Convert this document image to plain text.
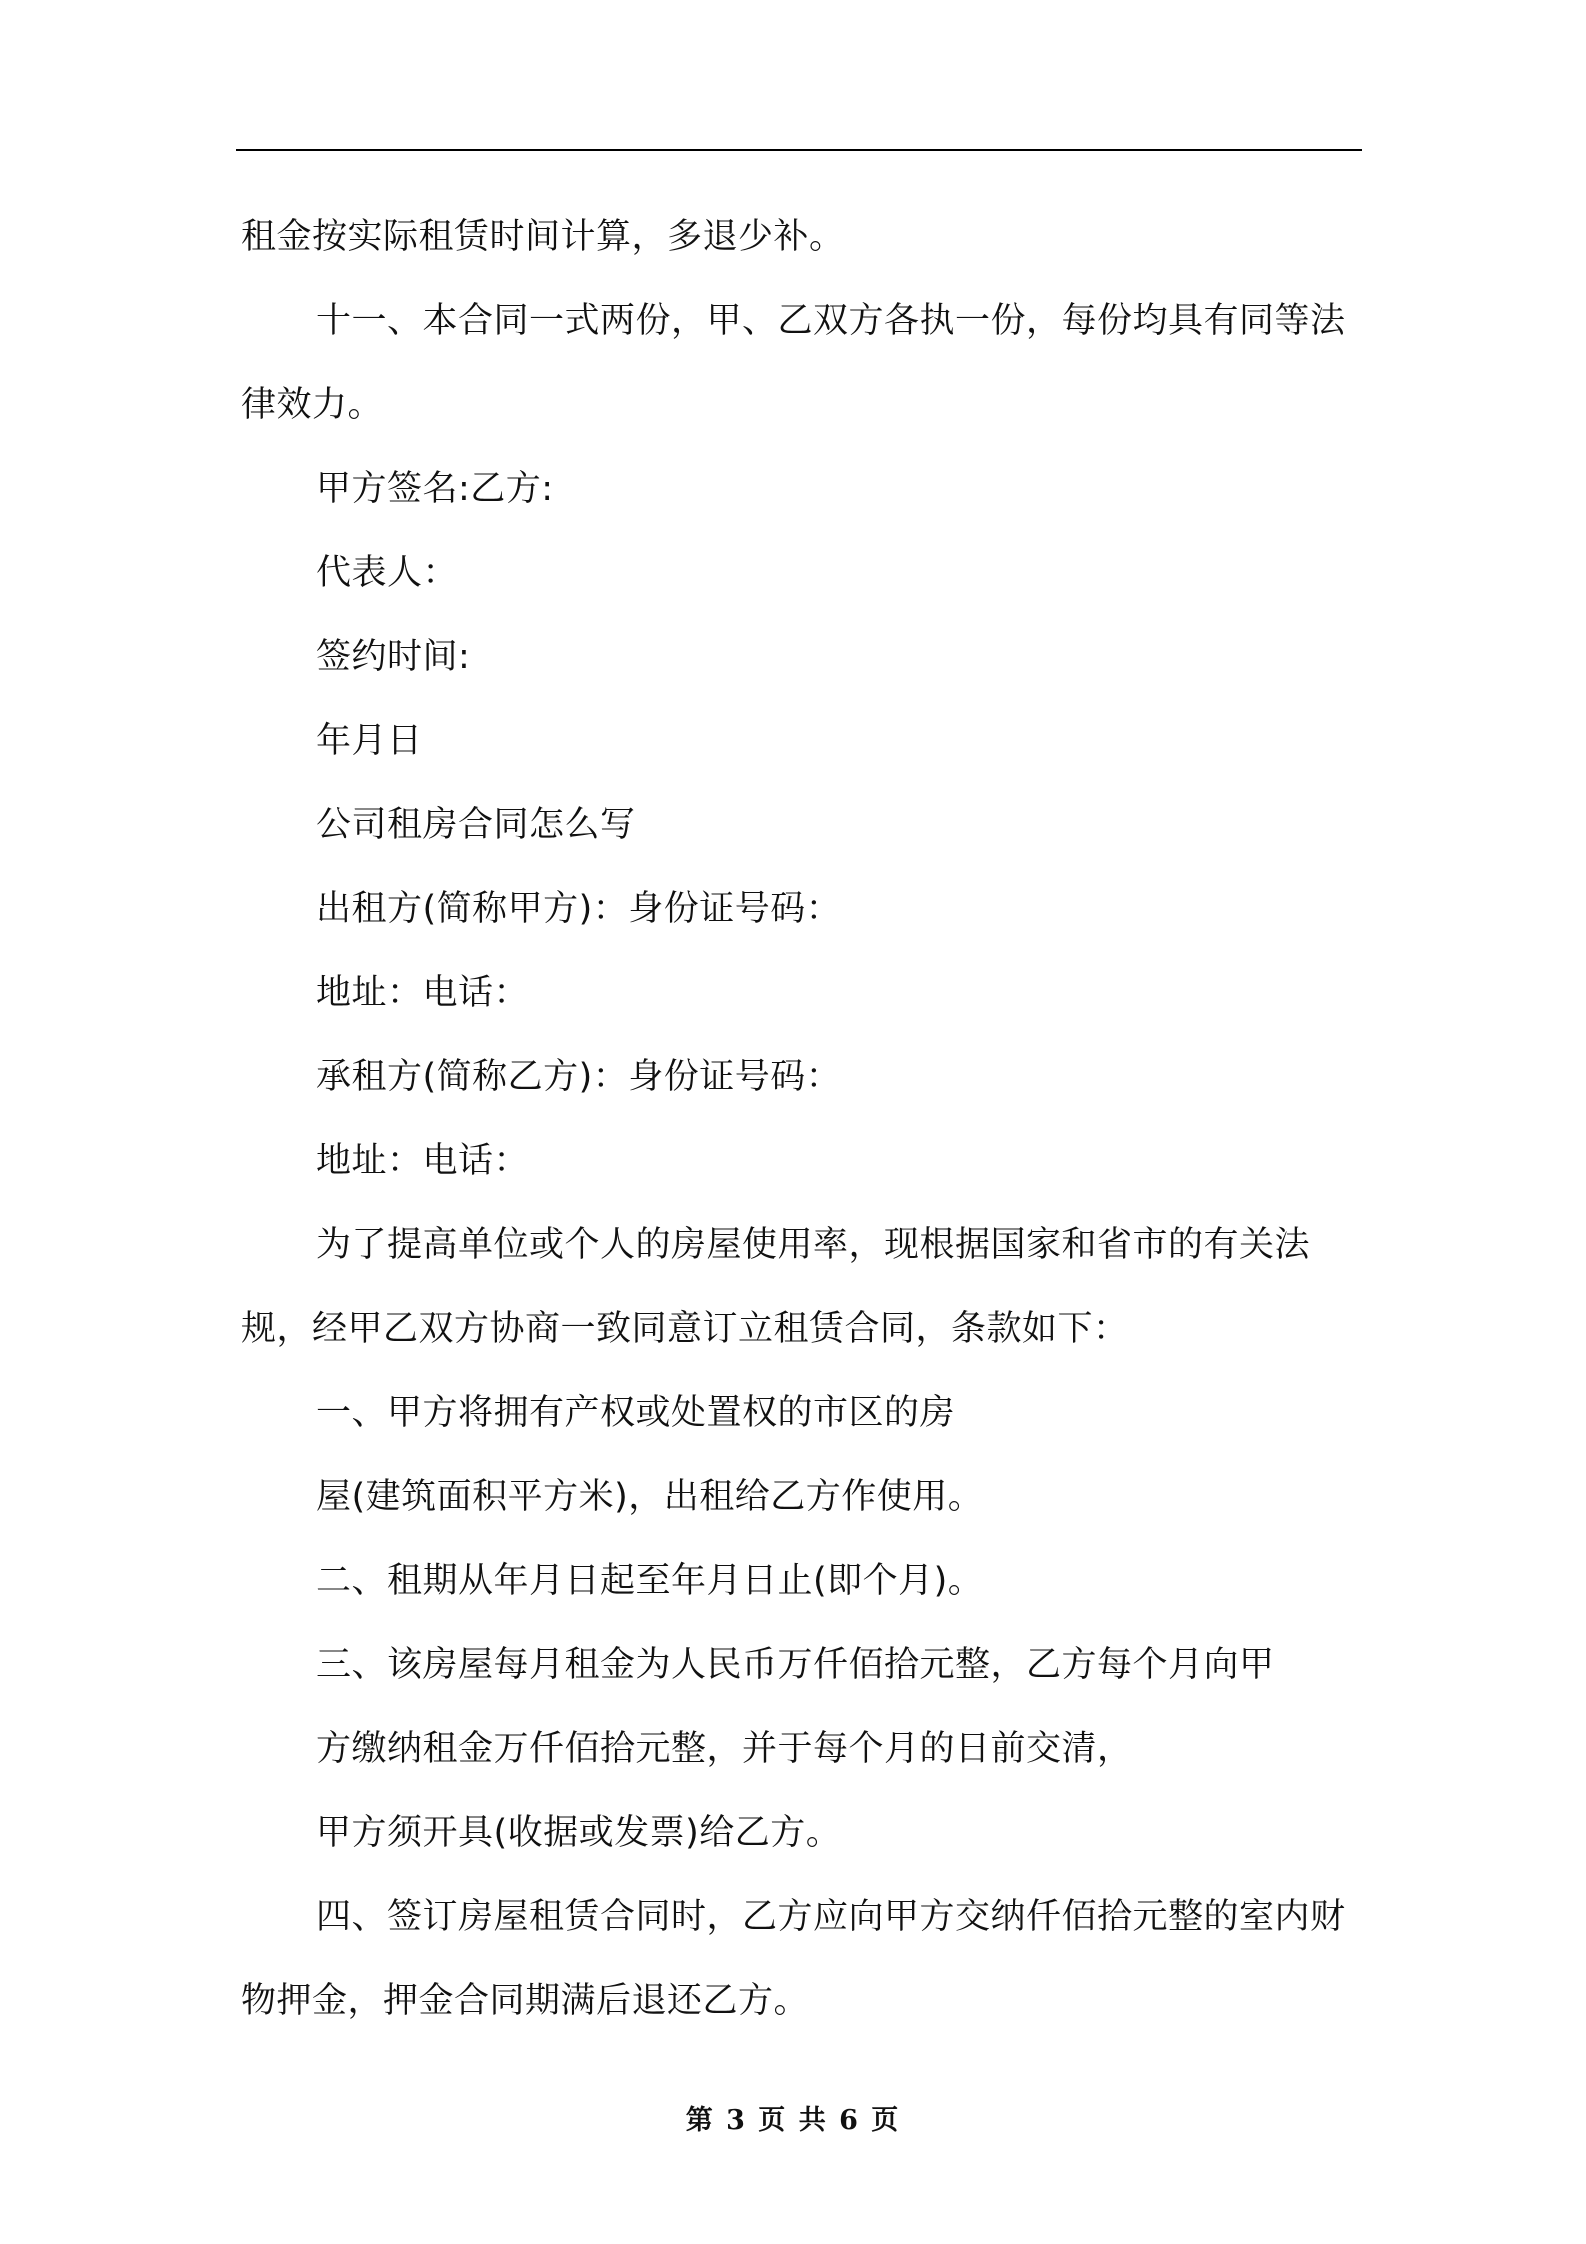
租金按实际租赁时间计算，多退少补。

十一、本合同一式两份，甲、乙双方各执一份，每份均具有同等法律效力。

甲方签名:乙方:

代表人：

签约时间:

年月日

公司租房合同怎么写

出租方(简称甲方)：身份证号码：

地址：电话：

承租方(简称乙方)：身份证号码：

地址：电话：

为了提高单位或个人的房屋使用率，现根据国家和省市的有关法规，经甲乙双方协商一致同意订立租赁合同，条款如下：

一、甲方将拥有产权或处置权的市区的房

屋(建筑面积平方米)，出租给乙方作使用。

二、租期从年月日起至年月日止(即个月)。

三、该房屋每月租金为人民币万仟佰拾元整，乙方每个月向甲

方缴纳租金万仟佰拾元整，并于每个月的日前交清，

甲方须开具(收据或发票)给乙方。

四、签订房屋租赁合同时，乙方应向甲方交纳仟佰拾元整的室内财物押金，押金合同期满后退还乙方。

第 3 页 共 6 页
